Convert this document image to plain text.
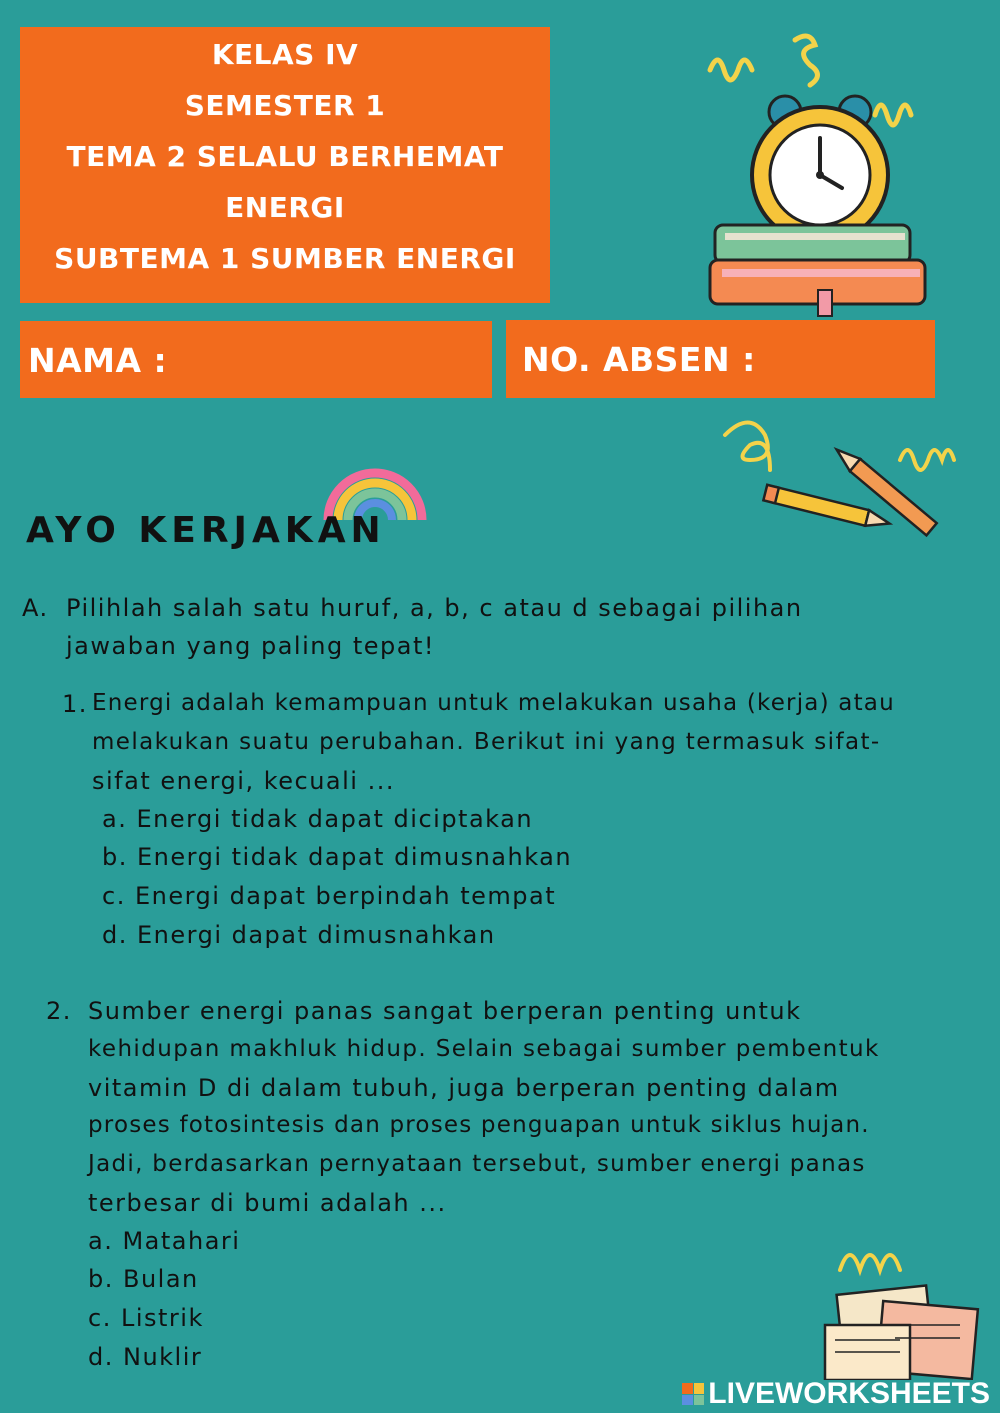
KELAS IV
SEMESTER 1
TEMA 2 SELALU BERHEMAT
ENERGI
SUBTEMA 1 SUMBER ENERGI
NAMA :	NO. ABSEN :
AYO KERJAKAN
A. Pilihlah salah satu huruf, a, b, c atau d sebagai pilihan
jawaban yang paling tepat!
1. Energi adalah kemampuan untuk melakukan usaha (kerja) atau
melakukan suatu perubahan. Berikut ini yang termasuk sifat-
sifat energi, kecuali ...
a. Energi tidak dapat diciptakan
b. Energi tidak dapat dimusnahkan
c. Energi dapat berpindah tempat
d. Energi dapat dimusnahkan
2. Sumber energi panas sangat berperan penting untuk
kehidupan makhluk hidup. Selain sebagai sumber pembentuk
vitamin D di dalam tubuh, juga berperan penting dalam
proses fotosintesis dan proses penguapan untuk siklus hujan.
Jadi, berdasarkan pernyataan tersebut, sumber energi panas
terbesar di bumi adalah ...
a. Matahari
b. Bulan
c. Listrik
d. Nuklir
LIVEWORKSHEETS
